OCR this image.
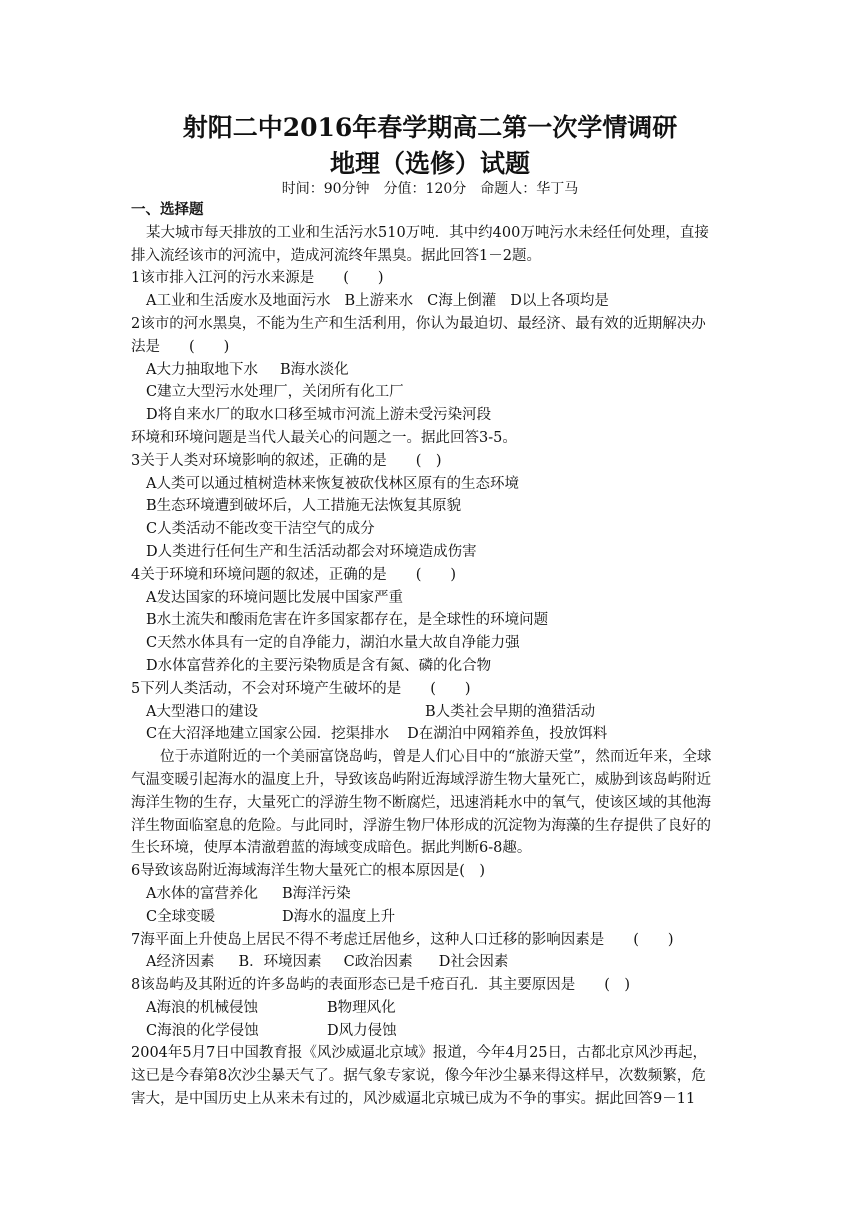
射阳二中2016年春学期高二第一次学情调研
地理（选修）试题
时间：90分钟　分值：120分　命题人：华丁马
一、选择题
某大城市每天排放的工业和生活污水510万吨．其中约400万吨污水未经任何处理，直接
排入流经该市的河流中，造成河流终年黑臭。据此回答1－2题。
1该市排入江河的污水来源是　　(　　)
A工业和生活废水及地面污水 B上游来水 C海上倒灌 D以上各项均是
2该市的河水黑臭，不能为生产和生活利用，你认为最迫切、最经济、最有效的近期解决办
法是　　(　　)
A大力抽取地下水 B海水淡化
C建立大型污水处理厂，关闭所有化工厂
D将自来水厂的取水口移至城市河流上游未受污染河段
环境和环境问题是当代人最关心的问题之一。据此回答3-5。
3关于人类对环境影响的叙述，正确的是　　(　)
A人类可以通过植树造林来恢复被砍伐林区原有的生态环境
B生态环境遭到破坏后，人工措施无法恢复其原貌
C人类活动不能改变干洁空气的成分
D人类进行任何生产和生活活动都会对环境造成伤害
4关于环境和环境问题的叙述，正确的是　　(　　)
A发达国家的环境问题比发展中国家严重
B水土流失和酸雨危害在许多国家都存在，是全球性的环境问题
C天然水体具有一定的自净能力，湖泊水量大故自净能力强
D水体富营养化的主要污染物质是含有氮、磷的化合物
5下列人类活动，不会对环境产生破坏的是　　(　　)
A大型港口的建设	B人类社会早期的渔猎活动
C在大沼泽地建立国家公园．挖渠排水 D在湖泊中网箱养鱼，投放饵料
位于赤道附近的一个美丽富饶岛屿，曾是人们心目中的“旅游天堂”，然而近年来，全球
气温变暖引起海水的温度上升，导致该岛屿附近海域浮游生物大量死亡，威胁到该岛屿附近
海洋生物的生存，大量死亡的浮游生物不断腐烂，迅速消耗水中的氧气，使该区域的其他海
洋生物面临窒息的危险。与此同时，浮游生物尸体形成的沉淀物为海藻的生存提供了良好的
生长环境，使厚本清澈碧蓝的海域变成暗色。据此判断6-8趣。
6导致该岛附近海域海洋生物大量死亡的根本原因是(　)
A水体的富营养化 B海洋污染
C全球变暖	D海水的温度上升
7海平面上升使岛上居民不得不考虑迁居他乡，这种人口迁移的影响因素是　　(　　)
A经济因素 B．环境因素 C政治因素 D社会因素
8该岛屿及其附近的许多岛屿的表面形态已是千疮百孔．其主要原因是　　(　)
A海浪的机械侵蚀	B物理风化
C海浪的化学侵蚀	D风力侵蚀
2004年5月7日中国教育报《风沙威逼北京域》报道，今年4月25日，古都北京风沙再起，
这已是今春第8次沙尘暴天气了。据气象专家说，像今年沙尘暴来得这样早，次数频繁，危
害大，是中国历史上从来未有过的，风沙威逼北京城已成为不争的事实。据此回答9－11
